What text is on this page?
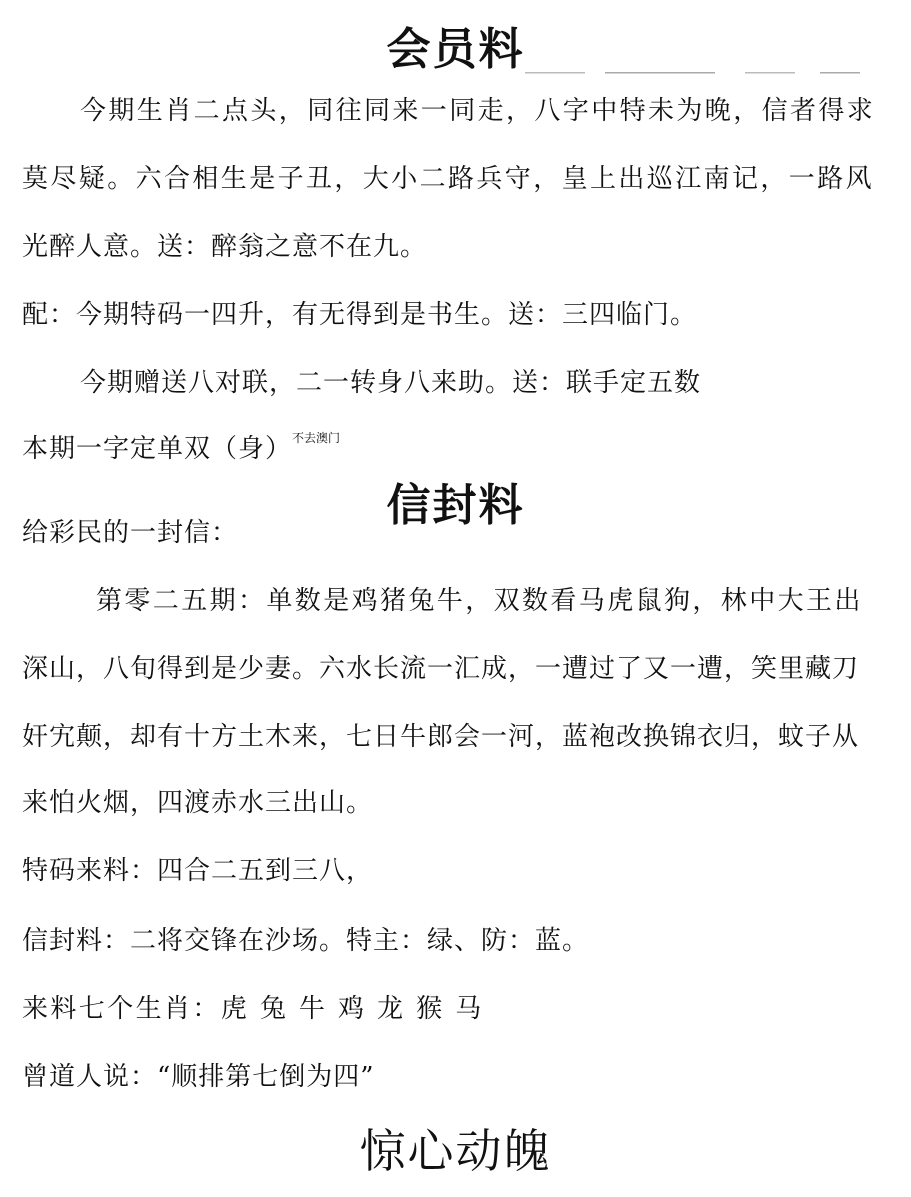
会员料
今期生肖二点头，同往同来一同走，八字中特未为晚，信者得求
莫尽疑。六合相生是子丑，大小二路兵守，皇上出巡江南记，一路风
光醉人意。送：醉翁之意不在九。
配：今期特码一四升，有无得到是书生。送：三四临门。
今期赠送八对联，二一转身八来助。送：联手定五数
本期一字定单双（身）$^{不去澳门}$
信封料
给彩民的一封信：
第零二五期：单数是鸡猪兔牛，双数看马虎鼠狗，林中大王出
深山，八旬得到是少妻。六水长流一汇成，一遭过了又一遭，笑里藏刀
奸宄颠，却有十方土木来，七日牛郎会一河，蓝袍改换锦衣归，蚊子从
来怕火烟，四渡赤水三出山。
特码来料：四合二五到三八，
信封料：二将交锋在沙场。特主：绿、防：蓝。
来料七个生肖：虎 兔 牛 鸡 龙 猴 马
曾道人说：“顺排第七倒为四”
惊心动魄
